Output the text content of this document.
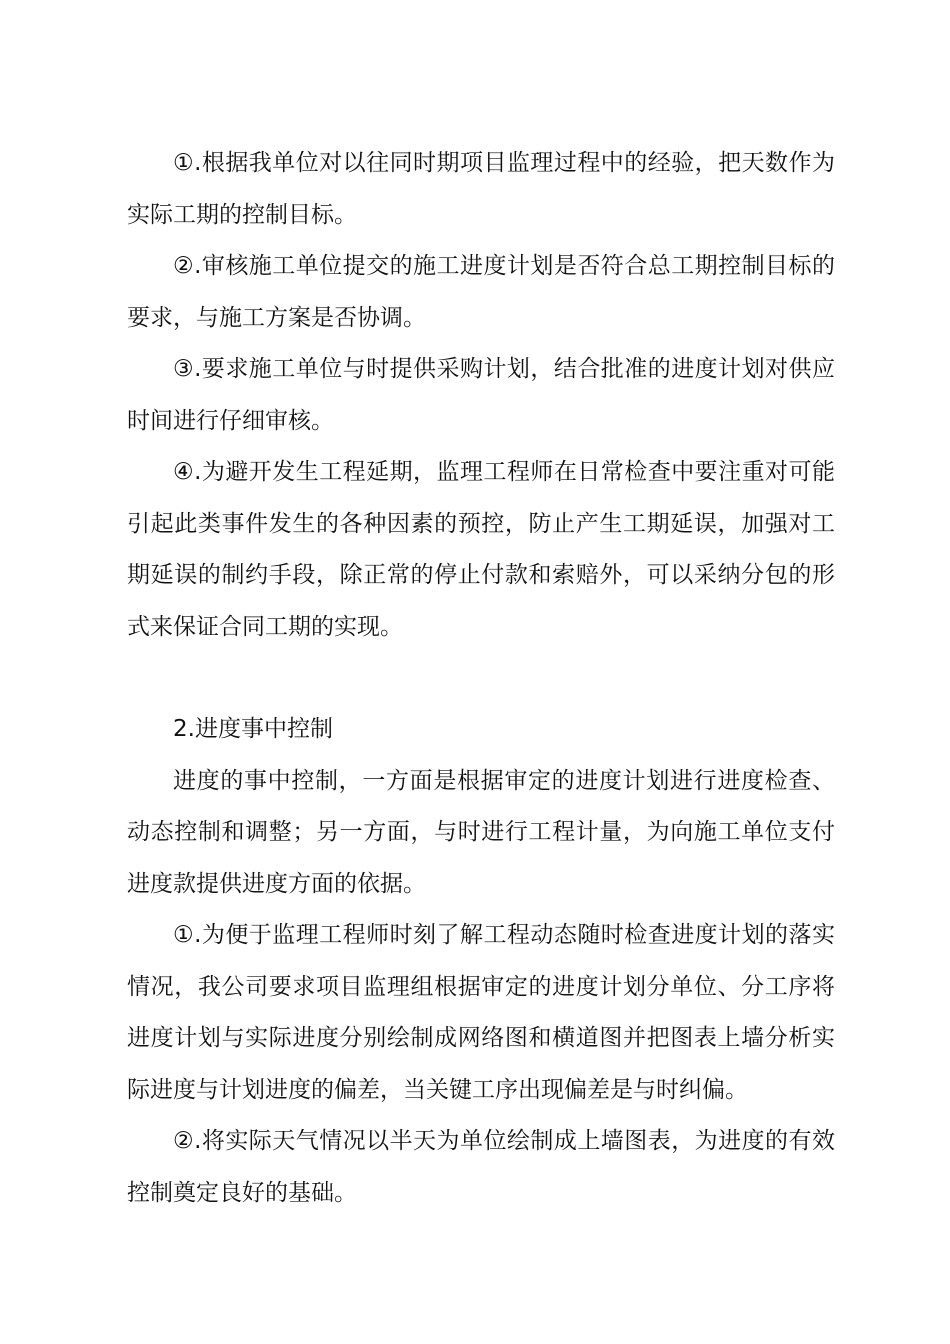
①.根据我单位对以往同时期项目监理过程中的经验，把天数作为实际工期的控制目标。

②.审核施工单位提交的施工进度计划是否符合总工期控制目标的要求，与施工方案是否协调。

③.要求施工单位与时提供采购计划，结合批准的进度计划对供应时间进行仔细审核。

④.为避开发生工程延期，监理工程师在日常检查中要注重对可能引起此类事件发生的各种因素的预控，防止产生工期延误，加强对工期延误的制约手段，除正常的停止付款和索赔外，可以采纳分包的形式来保证合同工期的实现。

2.进度事中控制

进度的事中控制，一方面是根据审定的进度计划进行进度检查、动态控制和调整；另一方面，与时进行工程计量，为向施工单位支付进度款提供进度方面的依据。

①.为便于监理工程师时刻了解工程动态随时检查进度计划的落实情况，我公司要求项目监理组根据审定的进度计划分单位、分工序将进度计划与实际进度分别绘制成网络图和横道图并把图表上墙分析实际进度与计划进度的偏差，当关键工序出现偏差是与时纠偏。

②.将实际天气情况以半天为单位绘制成上墙图表，为进度的有效控制奠定良好的基础。
